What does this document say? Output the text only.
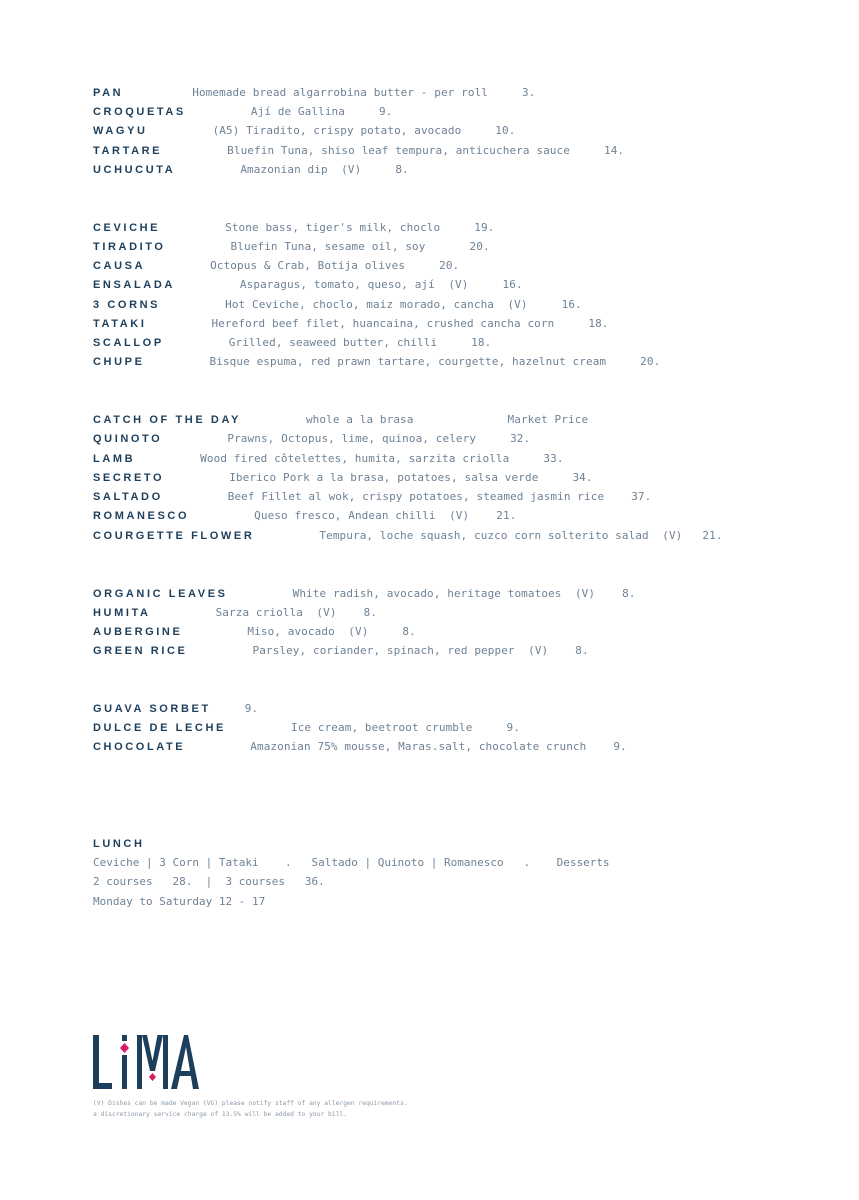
PAN	Homemade bread algarrobina butter - per roll	3.
CROQUETAS	Ají de Gallina	9.
WAGYU	(A5) Tiradito, crispy potato, avocado	10.
TARTARE	Bluefin Tuna, shiso leaf tempura, anticuchera sauce	14.
UCHUCUTA	Amazonian dip  (V)	8.
CEVICHE	Stone bass, tiger's milk, choclo	19.
TIRADITO	Bluefin Tuna, sesame oil, soy	20.
CAUSA	Octopus & Crab, Botija olives	20.
ENSALADA	Asparagus, tomato, queso, ají  (V)	16.
3 CORNS	Hot Ceviche, choclo, maiz morado, cancha  (V)	16.
TATAKI	Hereford beef filet, huancaina, crushed cancha corn	18.
SCALLOP	Grilled, seaweed butter, chilli	18.
CHUPE	Bisque espuma, red prawn tartare, courgette, hazelnut cream	20.
CATCH OF THE DAY	whole a la brasa	Market Price
QUINOTO	Prawns, Octopus, lime, quinoa, celery	32.
LAMB	Wood fired côtelettes, humita, sarzita criolla	33.
SECRETO	Iberico Pork a la brasa, potatoes, salsa verde	34.
SALTADO	Beef Fillet al wok, crispy potatoes, steamed jasmin rice 37.
ROMANESCO	Queso fresco, Andean chilli  (V) 21.
COURGETTE FLOWER	Tempura, loche squash, cuzco corn solterito salad  (V) 21.
ORGANIC LEAVES	White radish, avocado, heritage tomatoes  (V) 8.
HUMITA	Sarza criolla  (V) 8.
AUBERGINE	Miso, avocado  (V)	8.
GREEN RICE	Parsley, coriander, spinach, red pepper  (V) 8.
GUAVA SORBET	9.
DULCE DE LECHE	Ice cream, beetroot crumble	9.
CHOCOLATE	Amazonian 75% mousse, Maras.salt, chocolate crunch 9.
LUNCH
Ceviche | 3 Corn | Tataki    .   Saltado | Quinoto | Romanesco   .    Desserts
2 courses   28.  |  3 courses   36.
Monday to Saturday 12 - 17
(V) Dishes can be made Vegan (VG) please notify staff of any allergen requirements.
a discretionary service charge of 13.5% will be added to your bill.
